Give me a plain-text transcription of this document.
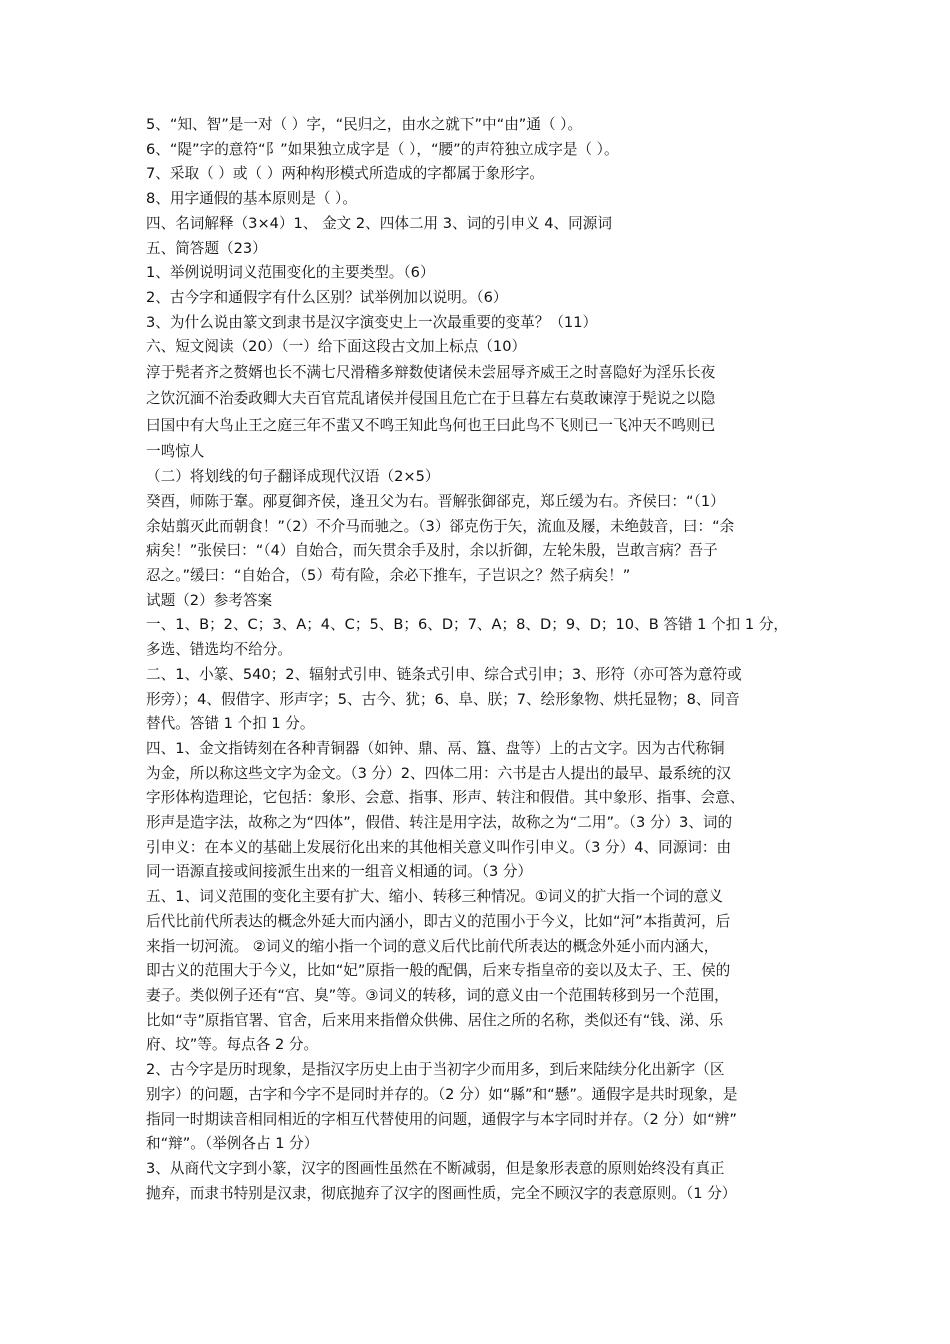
5、“知、智”是一对（ ）字，“民归之，由水之就下”中“由”通（ ）。
6、“隄”字的意符“阝”如果独立成字是（ ），“腰”的声符独立成字是（ ）。
7、采取（ ）或（ ）两种构形模式所造成的字都属于象形字。
8、用字通假的基本原则是（ ）。
四、名词解释（3×4）1、 金文 2、四体二用 3、词的引申义 4、同源词
五、简答题（23）
1、举例说明词义范围变化的主要类型。（6）
2、古今字和通假字有什么区别？试举例加以说明。（6）
3、为什么说由篆文到隶书是汉字演变史上一次最重要的变革？（11）
六、短文阅读（20）（一）给下面这段古文加上标点（10）
淳于髡者齐之赘婿也长不满七尺滑稽多辩数使诸侯未尝屈辱齐威王之时喜隐好为淫乐长夜
之饮沉湎不治委政卿大夫百官荒乱诸侯并侵国且危亡在于旦暮左右莫敢谏淳于髡说之以隐
曰国中有大鸟止王之庭三年不蜚又不鸣王知此鸟何也王曰此鸟不飞则已一飞冲天不鸣则已
一鸣惊人
（二）将划线的句子翻译成现代汉语（2×5）
癸酉，师陈于鞌。邴夏御齐侯，逢丑父为右。晋解张御郤克，郑丘缓为右。齐侯曰：“（1）
余姑翦灭此而朝食！”（2）不介马而驰之。（3）郤克伤于矢，流血及屦，未绝鼓音，曰：“余
病矣！”张侯曰：“（4）自始合，而矢贯余手及肘，余以折御，左轮朱殷，岂敢言病？吾子
忍之。”缓曰：“自始合，（5）苟有险，余必下推车，子岂识之？然子病矣！”
试题（2）参考答案
一、1、B；2、C；3、A；4、C；5、B；6、D；7、A；8、D；9、D；10、B 答错 1 个扣 1 分，
多选、错选均不给分。
二、1、小篆、540；2、辐射式引申、链条式引申、综合式引申；3、形符（亦可答为意符或
形旁）；4、假借字、形声字；5、古今、犹；6、阜、朕；7、绘形象物、烘托显物；8、同音
替代。答错 1 个扣 1 分。
四、1、金文指铸刻在各种青铜器（如钟、鼎、鬲、簋、盘等）上的古文字。因为古代称铜
为金，所以称这些文字为金文。（3 分）2、四体二用：六书是古人提出的最早、最系统的汉
字形体构造理论，它包括：象形、会意、指事、形声、转注和假借。其中象形、指事、会意、
形声是造字法，故称之为“四体”，假借、转注是用字法，故称之为“二用”。（3 分）3、词的
引申义：在本义的基础上发展衍化出来的其他相关意义叫作引申义。（3 分）4、同源词：由
同一语源直接或间接派生出来的一组音义相通的词。（3 分）
五、1、词义范围的变化主要有扩大、缩小、转移三种情况。①词义的扩大指一个词的意义
后代比前代所表达的概念外延大而内涵小，即古义的范围小于今义，比如“河”本指黄河，后
来指一切河流。 ②词义的缩小指一个词的意义后代比前代所表达的概念外延小而内涵大，
即古义的范围大于今义，比如“妃”原指一般的配偶，后来专指皇帝的妾以及太子、王、侯的
妻子。类似例子还有“宫、臭”等。③词义的转移，词的意义由一个范围转移到另一个范围，
比如“寺”原指官署、官舍，后来用来指僧众供佛、居住之所的名称，类似还有“钱、涕、乐
府、坟”等。每点各 2 分。
2、古今字是历时现象，是指汉字历史上由于当初字少而用多，到后来陆续分化出新字（区
别字）的问题，古字和今字不是同时并存的。（2 分）如“縣”和“懸”。通假字是共时现象，是
指同一时期读音相同相近的字相互代替使用的问题，通假字与本字同时并存。（2 分）如“辨”
和“辩”。（举例各占 1 分）
3、从商代文字到小篆，汉字的图画性虽然在不断减弱，但是象形表意的原则始终没有真正
抛弃，而隶书特别是汉隶，彻底抛弃了汉字的图画性质，完全不顾汉字的表意原则。（1 分）
